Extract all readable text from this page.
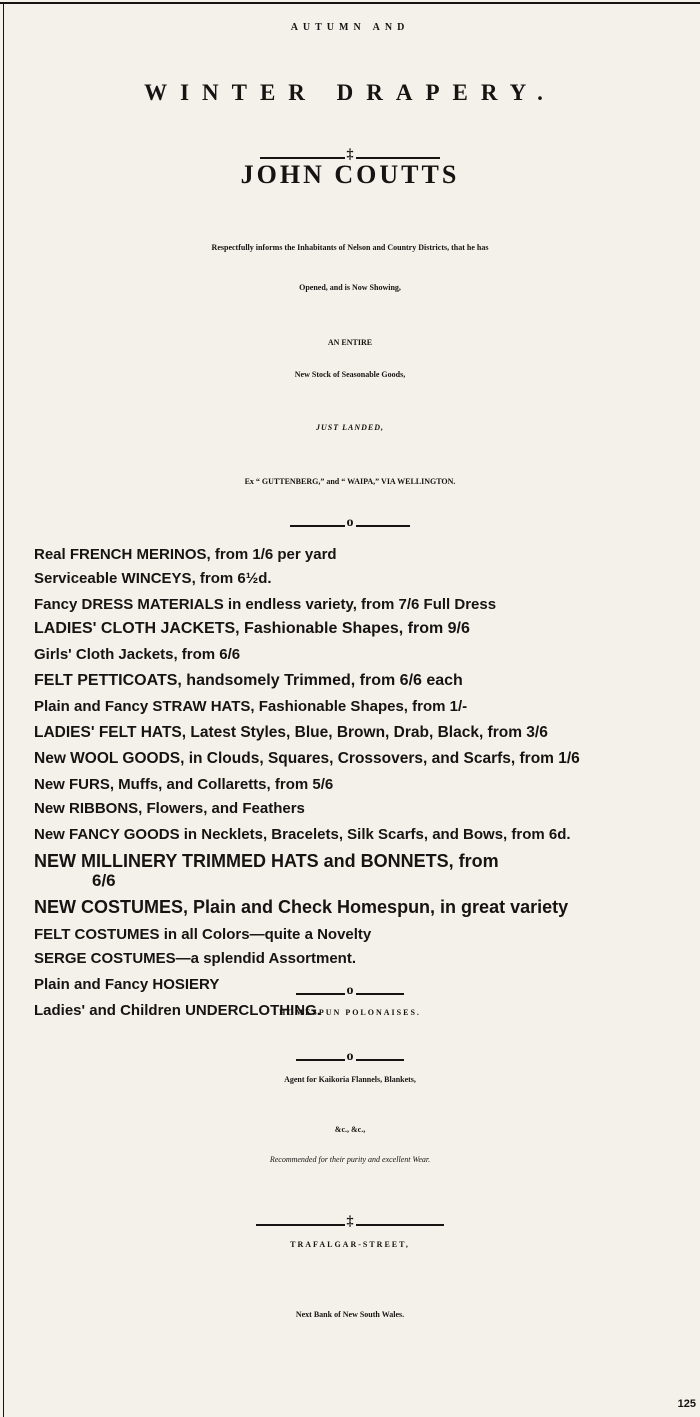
AUTUMN AND
WINTER DRAPERY.
‡
JOHN COUTTS
Respectfully informs the Inhabitants of Nelson and Country Districts, that he has
Opened, and is Now Showing,
AN ENTIRE
New Stock of Seasonable Goods,
JUST LANDED,
Ex “ GUTTENBERG,” and “ WAIPA,” VIA WELLINGTON.
o
Real FRENCH MERINOS, from 1/6 per yard
Serviceable WINCEYS, from 6½d.
Fancy DRESS MATERIALS in endless variety, from 7/6 Full Dress
LADIES' CLOTH JACKETS, Fashionable Shapes, from 9/6
Girls' Cloth Jackets, from 6/6
FELT PETTICOATS, handsomely Trimmed, from 6/6 each
Plain and Fancy STRAW HATS, Fashionable Shapes, from 1/-
LADIES' FELT HATS, Latest Styles, Blue, Brown, Drab, Black, from 3/6
New WOOL GOODS, in Clouds, Squares, Crossovers, and Scarfs, from 1/6
New FURS, Muffs, and Collaretts, from 5/6
New RIBBONS, Flowers, and Feathers
New FANCY GOODS in Necklets, Bracelets, Silk Scarfs, and Bows, from 6d.
NEW MILLINERY TRIMMED HATS and BONNETS, from
6/6
NEW COSTUMES, Plain and Check Homespun, in great variety
FELT COSTUMES in all Colors—quite a Novelty
SERGE COSTUMES—a splendid Assortment.
Plain and Fancy HOSIERY
Ladies' and Children UNDERCLOTHING.
o
HOMESPUN POLONAISES.
o
Agent for Kaikoria Flannels, Blankets,
&c., &c.,
Recommended for their purity and excellent Wear.
‡
TRAFALGAR-STREET,
Next Bank of New South Wales.
125
